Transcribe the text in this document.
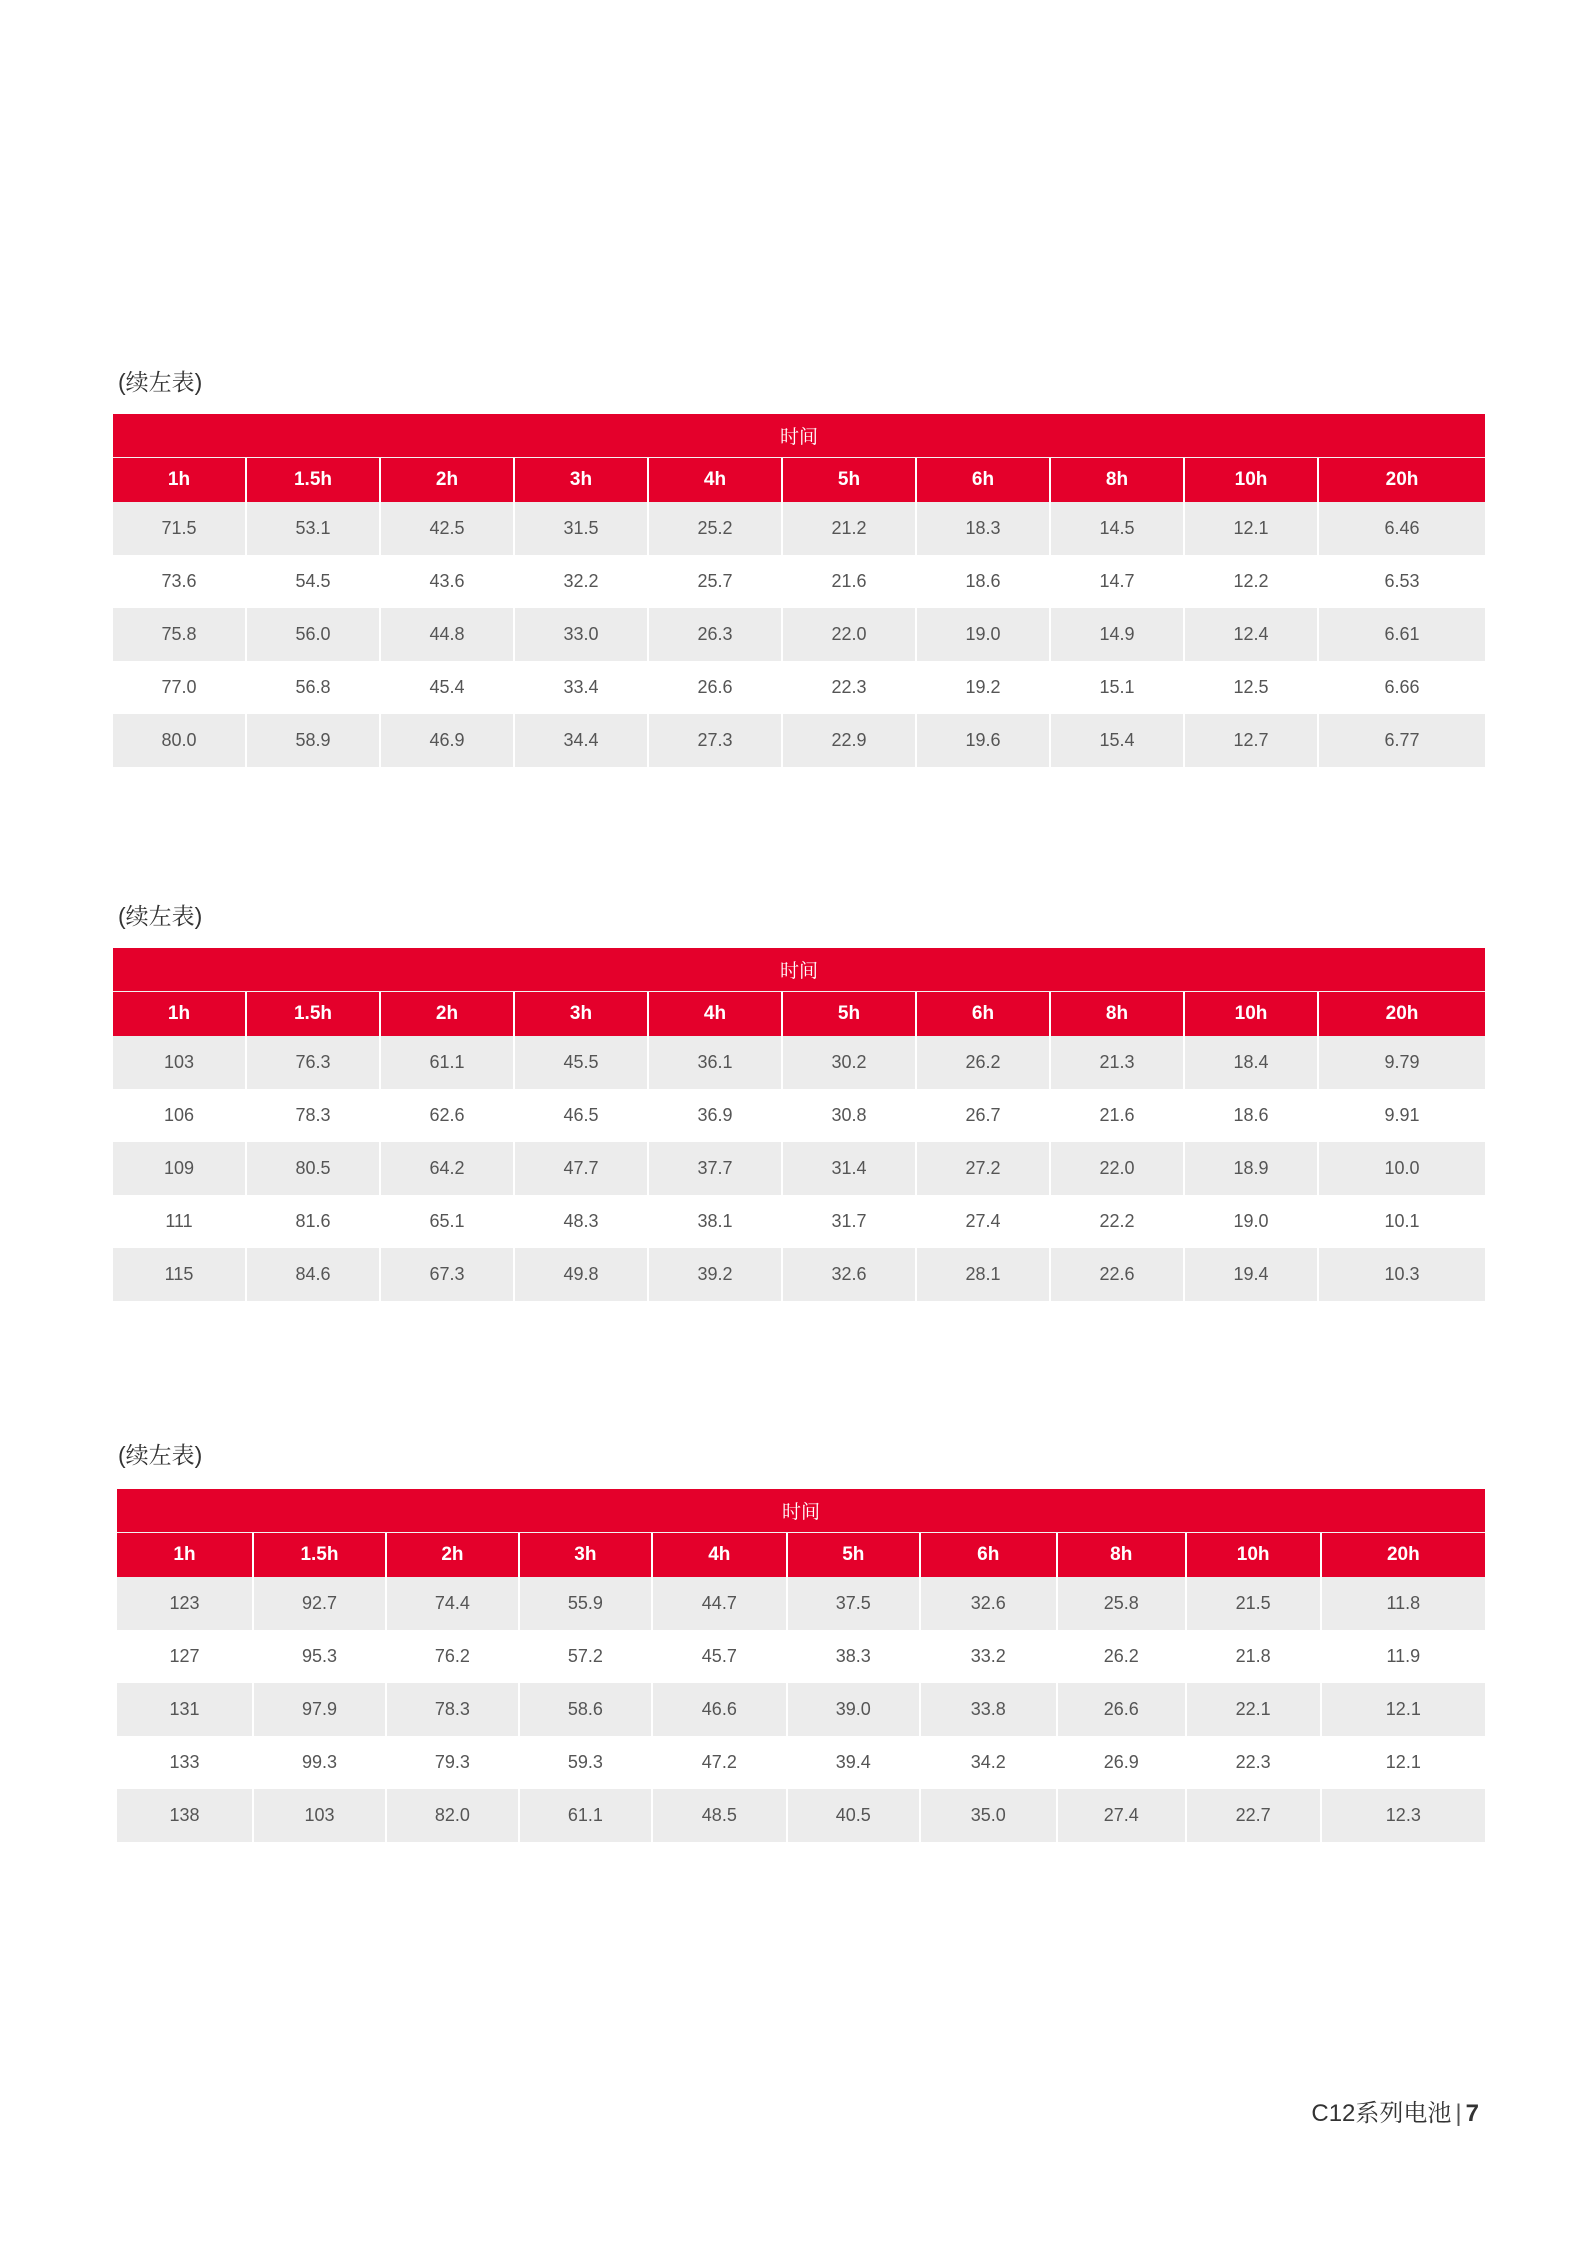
(续左表)
时间									
1h	1.5h	2h	3h	4h	5h	6h	8h	10h	20h
71.5	53.1	42.5	31.5	25.2	21.2	18.3	14.5	12.1	6.46
73.6	54.5	43.6	32.2	25.7	21.6	18.6	14.7	12.2	6.53
75.8	56.0	44.8	33.0	26.3	22.0	19.0	14.9	12.4	6.61
77.0	56.8	45.4	33.4	26.6	22.3	19.2	15.1	12.5	6.66
80.0	58.9	46.9	34.4	27.3	22.9	19.6	15.4	12.7	6.77
(续左表)
时间									
1h	1.5h	2h	3h	4h	5h	6h	8h	10h	20h
103	76.3	61.1	45.5	36.1	30.2	26.2	21.3	18.4	9.79
106	78.3	62.6	46.5	36.9	30.8	26.7	21.6	18.6	9.91
109	80.5	64.2	47.7	37.7	31.4	27.2	22.0	18.9	10.0
111	81.6	65.1	48.3	38.1	31.7	27.4	22.2	19.0	10.1
115	84.6	67.3	49.8	39.2	32.6	28.1	22.6	19.4	10.3
(续左表)
时间									
1h	1.5h	2h	3h	4h	5h	6h	8h	10h	20h
123	92.7	74.4	55.9	44.7	37.5	32.6	25.8	21.5	11.8
127	95.3	76.2	57.2	45.7	38.3	33.2	26.2	21.8	11.9
131	97.9	78.3	58.6	46.6	39.0	33.8	26.6	22.1	12.1
133	99.3	79.3	59.3	47.2	39.4	34.2	26.9	22.3	12.1
138	103	82.0	61.1	48.5	40.5	35.0	27.4	22.7	12.3
C12系列电池 | 7
